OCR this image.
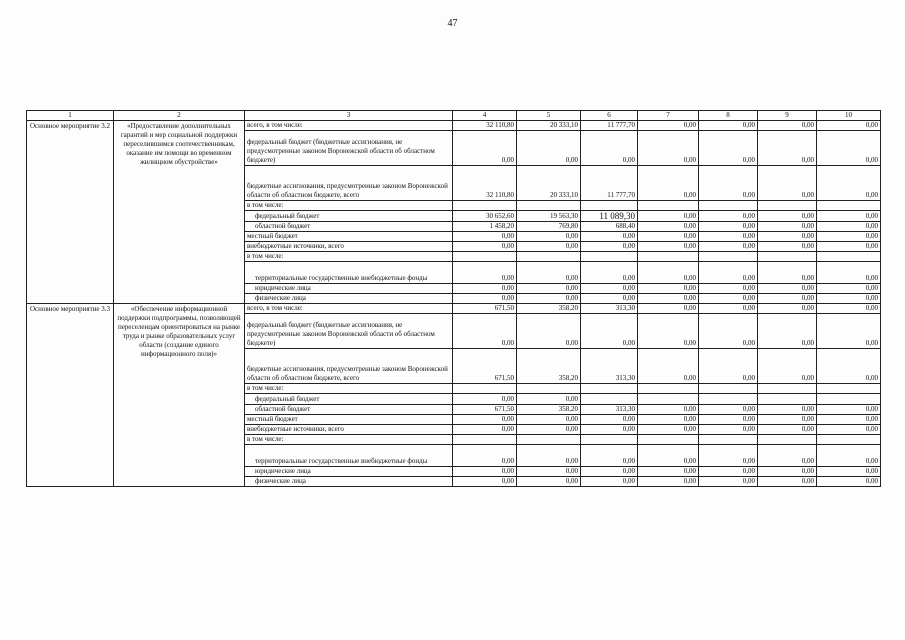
47
1	2	3	4	5	6	7	8	9	10
Основное мероприятие 3.2	«Предоставление дополнительных гарантий и мер социальной поддержки переселившимся соотечественникам, оказание им помощи во временном жилищном обустройстве»	всего, в том числе:	32 110,80	20 333,10	11 777,70	0,00	0,00	0,00	0,00
		федеральный бюджет (бюджетные ассигнования, не предусмотренные законом Воронежской области об областном бюджете)	0,00	0,00	0,00	0,00	0,00	0,00	0,00
		бюджетные ассигнования, предусмотренные законом Воронежской области об областном бюджете, всего	32 110,80	20 333,10	11 777,70	0,00	0,00	0,00	0,00
		в том числе:							
		федеральный бюджет	30 652,60	19 563,30	11 089,30	0,00	0,00	0,00	0,00
		областной бюджет	1 458,20	769,80	688,40	0,00	0,00	0,00	0,00
		местный бюджет	0,00	0,00	0,00	0,00	0,00	0,00	0,00
		внебюджетные источники, всего	0,00	0,00	0,00	0,00	0,00	0,00	0,00
		в том числе:							
		территориальные государственные внебюджетные фонды	0,00	0,00	0,00	0,00	0,00	0,00	0,00
		юридические лица	0,00	0,00	0,00	0,00	0,00	0,00	0,00
		физические лица	0,00	0,00	0,00	0,00	0,00	0,00	0,00
Основное мероприятие 3.3	«Обеспечение информационной поддержки подпрограммы, позволяющей переселенцам ориентироваться на рынке труда и рынке образовательных услуг области (создание единого информационного поля)»	всего, в том числе:	671,50	358,20	313,30	0,00	0,00	0,00	0,00
		федеральный бюджет (бюджетные ассигнования, не предусмотренные законом Воронежской области об областном бюджете)	0,00	0,00	0,00	0,00	0,00	0,00	0,00
		бюджетные ассигнования, предусмотренные законом Воронежской области об областном бюджете, всего	671,50	358,20	313,30	0,00	0,00	0,00	0,00
		в том числе:							
		федеральный бюджет	0,00	0,00					
		областной бюджет	671,50	358,20	313,30	0,00	0,00	0,00	0,00
		местный бюджет	0,00	0,00	0,00	0,00	0,00	0,00	0,00
		внебюджетные источники, всего	0,00	0,00	0,00	0,00	0,00	0,00	0,00
		в том числе:							
		территориальные государственные внебюджетные фонды	0,00	0,00	0,00	0,00	0,00	0,00	0,00
		юридические лица	0,00	0,00	0,00	0,00	0,00	0,00	0,00
		физические лица	0,00	0,00	0,00	0,00	0,00	0,00	0,00
